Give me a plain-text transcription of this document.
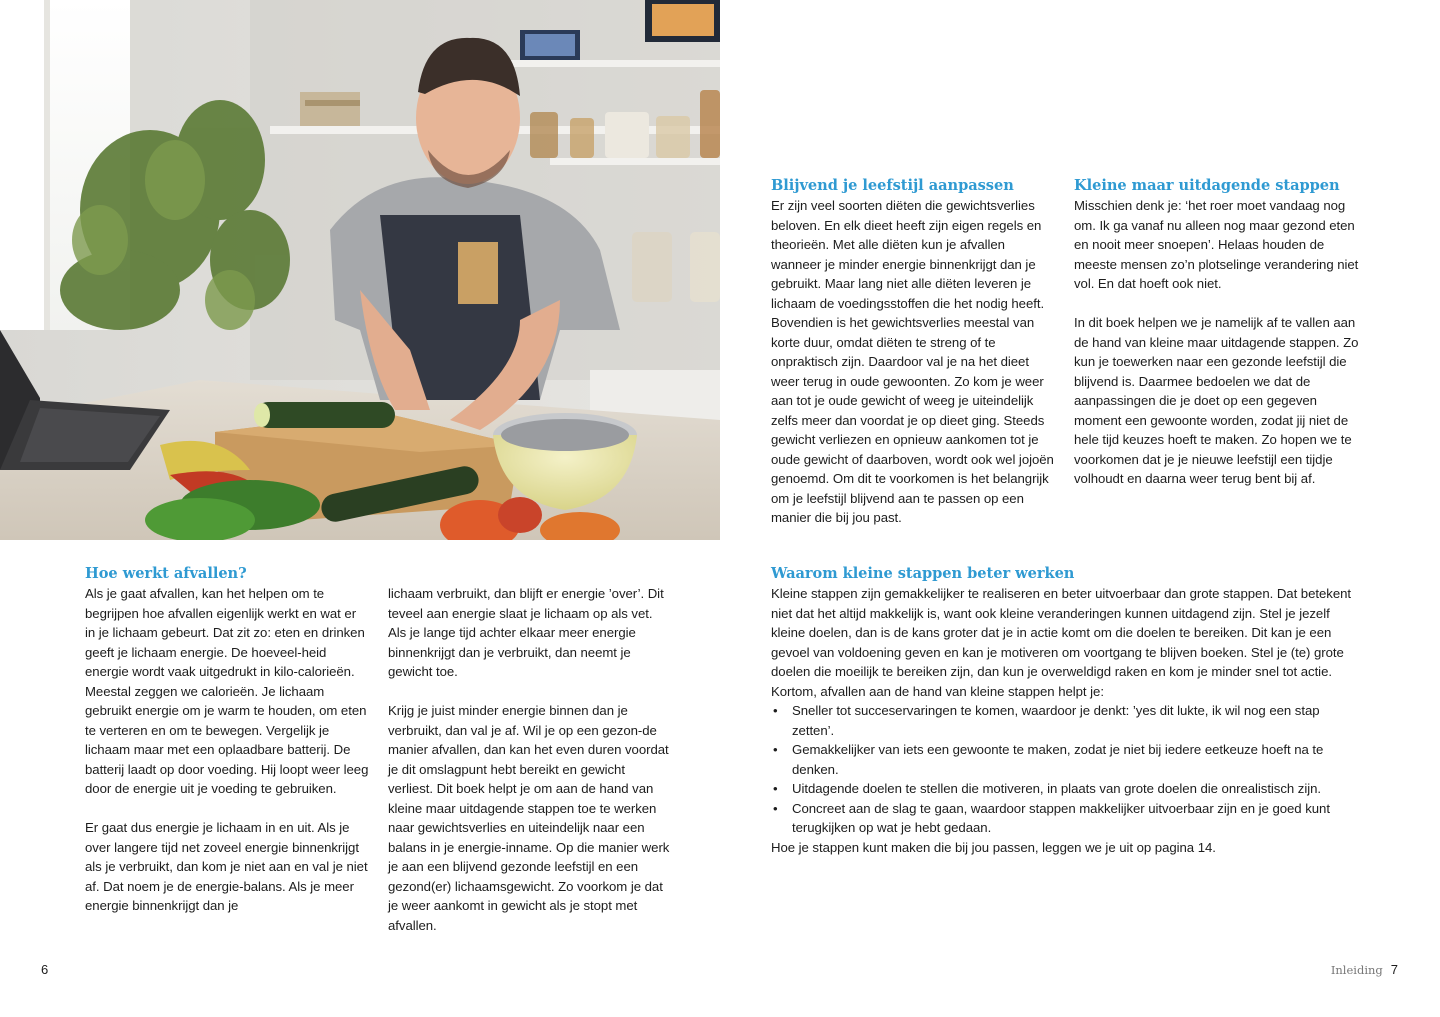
Hoe werkt afvallen?

Als je gaat afvallen, kan het helpen om te begrijpen hoe afvallen eigenlijk werkt en wat er in je lichaam gebeurt. Dat zit zo: eten en drinken geeft je lichaam energie. De hoeveel-heid energie wordt vaak uitgedrukt in kilo-calorieën. Meestal zeggen we calorieën. Je lichaam gebruikt energie om je warm te houden, om eten te verteren en om te bewegen. Vergelijk je lichaam maar met een oplaadbare batterij. De batterij laadt op door voeding. Hij loopt weer leeg door de energie uit je voeding te gebruiken.

Er gaat dus energie je lichaam in en uit. Als je over langere tijd net zoveel energie binnenkrijgt als je verbruikt, dan kom je niet aan en val je niet af. Dat noem je de energie-balans. Als je meer energie binnenkrijgt dan je

lichaam verbruikt, dan blijft er energie ’over’. Dit teveel aan energie slaat je lichaam op als vet. Als je lange tijd achter elkaar meer energie binnenkrijgt dan je verbruikt, dan neemt je gewicht toe.

Krijg je juist minder energie binnen dan je verbruikt, dan val je af. Wil je op een gezon-de manier afvallen, dan kan het even duren voordat je dit omslagpunt hebt bereikt en gewicht verliest. Dit boek helpt je om aan de hand van kleine maar uitdagende stappen toe te werken naar gewichtsverlies en uiteindelijk naar een balans in je energie-inname. Op die manier werk je aan een blijvend gezonde leefstijl en een gezond(er) lichaamsgewicht. Zo voorkom je dat je weer aankomt in gewicht als je stopt met afvallen.

6
Blijvend je leefstijl aanpassen

Er zijn veel soorten diëten die gewichtsverlies beloven. En elk dieet heeft zijn eigen regels en theorieën. Met alle diëten kun je afvallen wanneer je minder energie binnenkrijgt dan je gebruikt. Maar lang niet alle diëten leveren je lichaam de voedingsstoffen die het nodig heeft. Bovendien is het gewichtsverlies meestal van korte duur, omdat diëten te streng of te onpraktisch zijn. Daardoor val je na het dieet weer terug in oude gewoonten. Zo kom je weer aan tot je oude gewicht of weeg je uiteindelijk zelfs meer dan voordat je op dieet ging. Steeds gewicht verliezen en opnieuw aankomen tot je oude gewicht of daarboven, wordt ook wel jojoën genoemd. Om dit te voorkomen is het belangrijk om je leefstijl blijvend aan te passen op een manier die bij jou past.

Kleine maar uitdagende stappen

Misschien denk je: ‘het roer moet vandaag nog om. Ik ga vanaf nu alleen nog maar gezond eten en nooit meer snoepen’. Helaas houden de meeste mensen zo’n plotselinge verandering niet vol. En dat hoeft ook niet.

In dit boek helpen we je namelijk af te vallen aan de hand van kleine maar uitdagende stappen. Zo kun je toewerken naar een gezonde leefstijl die blijvend is. Daarmee bedoelen we dat de aanpassingen die je doet op een gegeven moment een gewoonte worden, zodat jij niet de hele tijd keuzes hoeft te maken. Zo hopen we te voorkomen dat je je nieuwe leefstijl een tijdje volhoudt en daarna weer terug bent bij af.

Waarom kleine stappen beter werken

Kleine stappen zijn gemakkelijker te realiseren en beter uitvoerbaar dan grote stappen. Dat betekent niet dat het altijd makkelijk is, want ook kleine veranderingen kunnen uitdagend zijn. Stel je jezelf kleine doelen, dan is de kans groter dat je in actie komt om die doelen te bereiken. Dit kan je een gevoel van voldoening geven en kan je motiveren om voortgang te blijven boeken. Stel je (te) grote doelen die moeilijk te bereiken zijn, dan kun je overweldigd raken en kom je minder snel tot actie. Kortom, afvallen aan de hand van kleine stappen helpt je:

• Sneller tot succeservaringen te komen, waardoor je denkt: ’yes dit lukte, ik wil nog een stap zetten’.
• Gemakkelijker van iets een gewoonte te maken, zodat je niet bij iedere eetkeuze hoeft na te denken.
• Uitdagende doelen te stellen die motiveren, in plaats van grote doelen die onrealistisch zijn.
• Concreet aan de slag te gaan, waardoor stappen makkelijker uitvoerbaar zijn en je goed kunt terugkijken op wat je hebt gedaan.

Hoe je stappen kunt maken die bij jou passen, leggen we je uit op pagina 14.

Inleiding 7
